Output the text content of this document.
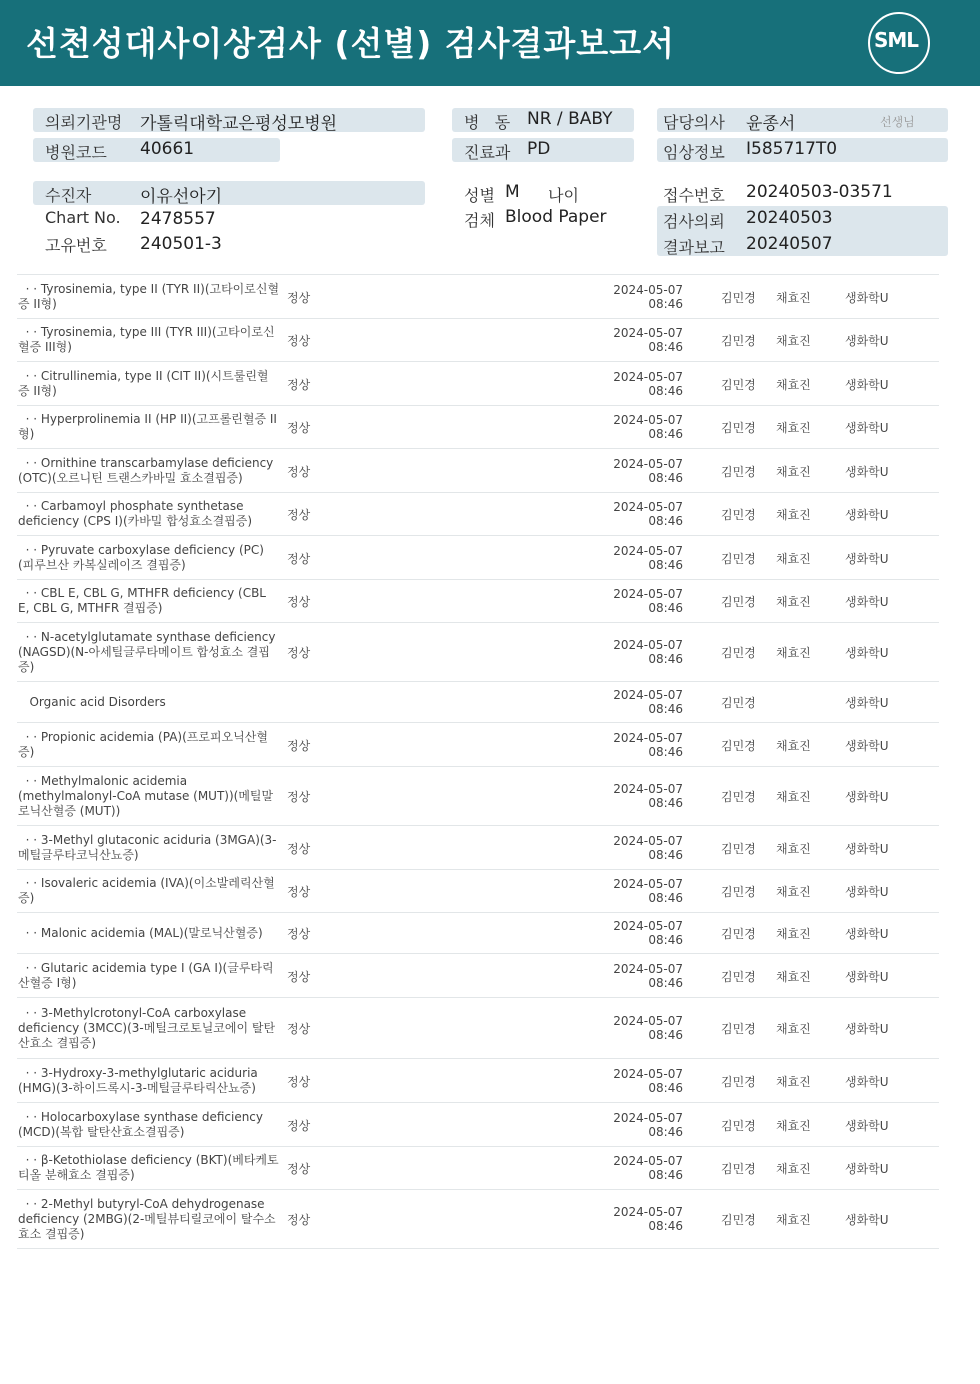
선천성대사이상검사 (선별) 검사결과보고서	SML
의뢰기관명 가톨릭대학교은평성모병원
병원코드 40661
병   동 NR / BABY
진료과 PD
담당의사 윤종서	선생님
임상정보 I585717T0
수진자	이유선아기
Chart No. 2478557
고유번호 240501-3
성별 M 나이
검체 Blood Paper
접수번호 20240503-03571
검사의뢰 20240503
결과보고 20240507
· · Tyrosinemia, type II (TYR II)(고타이로신혈증 II형)	정상
2024-05-07
08:46	김민경 채효진	생화학U
· · Tyrosinemia, type III (TYR III)(고타이로신혈증 III형)	정상
2024-05-07
08:46	김민경 채효진	생화학U
· · Citrullinemia, type II (CIT II)(시트룰린혈증 II형)	정상
2024-05-07
08:46	김민경 채효진	생화학U
· · Hyperprolinemia II (HP II)(고프롤린혈증 II형)	정상
2024-05-07
08:46	김민경 채효진	생화학U
· · Ornithine transcarbamylase deficiency (OTC)(오르니틴 트랜스카바밀 효소결핍증)	정상
2024-05-07
08:46	김민경 채효진	생화학U
· · Carbamoyl phosphate synthetase deficiency (CPS I)(카바밀 합성효소결핍증)	정상
2024-05-07
08:46	김민경 채효진	생화학U
· · Pyruvate carboxylase deficiency (PC)(피루브산 카복실레이즈 결핍증)	정상
2024-05-07
08:46	김민경 채효진	생화학U
· · CBL E, CBL G, MTHFR deficiency (CBL E, CBL G, MTHFR 결핍증)	정상
2024-05-07
08:46	김민경 채효진	생화학U
· · N-acetylglutamate synthase deficiency (NAGSD)(N-아세틸글루타메이트 합성효소 결핍증)
정상
2024-05-07
08:46	김민경 채효진	생화학U
Organic acid Disorders	2024-05-07
08:46	김민경	생화학U
· · Propionic acidemia (PA)(프로피오닉산혈증)	정상
2024-05-07
08:46	김민경 채효진	생화학U
· · Methylmalonic acidemia (methylmalonyl-CoA mutase (MUT))(메틸말로닉산혈증 (MUT))
정상
2024-05-07
08:46	김민경 채효진	생화학U
· · 3-Methyl glutaconic aciduria (3MGA)(3-메틸글루타코닉산뇨증)	정상
2024-05-07
08:46	김민경 채효진	생화학U
· · Isovaleric acidemia (IVA)(이소발레릭산혈증)	정상
2024-05-07
08:46	김민경 채효진	생화학U
· · Malonic acidemia (MAL)(말로닉산혈증)	정상
2024-05-07
08:46	김민경 채효진	생화학U
· · Glutaric acidemia type I (GA I)(글루타릭산혈증 I형)	정상
2024-05-07
08:46	김민경 채효진	생화학U
· · 3-Methylcrotonyl-CoA carboxylase deficiency (3MCC)(3-메틸크로토닐코에이 탈탄산효소 결핍증)
정상
2024-05-07
08:46	김민경 채효진	생화학U
· · 3-Hydroxy-3-methylglutaric aciduria (HMG)(3-하이드록시-3-메틸글루타릭산뇨증)	정상
2024-05-07
08:46	김민경 채효진	생화학U
· · Holocarboxylase synthase deficiency (MCD)(복합 탈탄산효소결핍증)	정상
2024-05-07
08:46	김민경 채효진	생화학U
· · β-Ketothiolase deficiency (BKT)(베타케토티올 분해효소 결핍증)	정상
2024-05-07
08:46	김민경 채효진	생화학U
· · 2-Methyl butyryl-CoA dehydrogenase deficiency (2MBG)(2-메틸뷰티릴코에이 탈수소효소 결핍증)
정상
2024-05-07
08:46	김민경 채효진	생화학U
